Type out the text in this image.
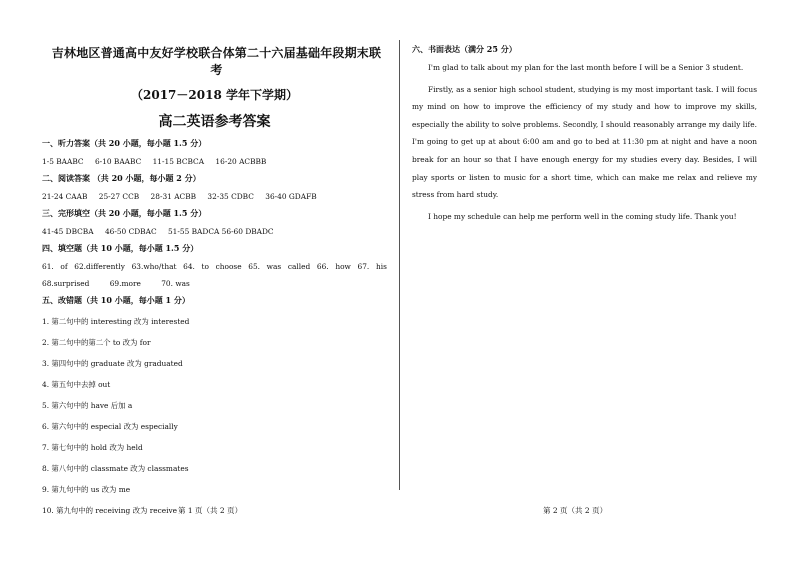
吉林地区普通高中友好学校联合体第二十六届基础年段期末联考
（2017－2018 学年下学期）
高二英语参考答案
一、听力答案（共 20 小题，每小题 1.5 分）
1-5 BAABC 6-10 BAABC 11-15 BCBCA 16-20 ACBBB
二、阅读答案 （共 20 小题，每小题 2 分）
21-24 CAAB 25-27 CCB 28-31 ACBB 32-35 CDBC 36-40 GDAFB
三、完形填空（共 20 小题，每小题 1.5 分）
41-45 DBCBA 46-50 CDBAC 51-55 BADCA 56-60 DBADC
四、填空题（共 10 小题，每小题 1.5 分）
61. of 62.differently 63.who/that 64. to choose 65. was called 66. how 67. his
68.surprised	69.more	70. was
五、改错题（共 10 小题，每小题 1 分）
1. 第二句中的 interesting 改为 interested
2. 第二句中的第二个 to 改为 for
3. 第四句中的 graduate 改为 graduated
4. 第五句中去掉 out
5. 第六句中的 have 后加 a
6. 第六句中的 especial 改为 especially
7. 第七句中的 hold 改为 held
8. 第八句中的 classmate 改为 classmates
9. 第九句中的 us 改为 me
10. 第九句中的 receiving 改为 receive
六、书面表达（满分 25 分）

I'm glad to talk about my plan for the last month before I will be a Senior 3 student.

Firstly, as a senior high school student, studying is my most important task. I will focus my mind on how to improve the efficiency of my study and how to improve my skills, especially the ability to solve problems. Secondly, I should reasonably arrange my daily life. I'm going to get up at about 6:00 am and go to bed at 11:30 pm at night and have a noon break for an hour so that I have enough energy for my studies every day. Besides, I will play sports or listen to music for a short time, which can make me relax and relieve my stress from hard study.

I hope my schedule can help me perform well in the coming study life. Thank you!

第 1 页（共 2 页）	第 2 页（共 2 页）
